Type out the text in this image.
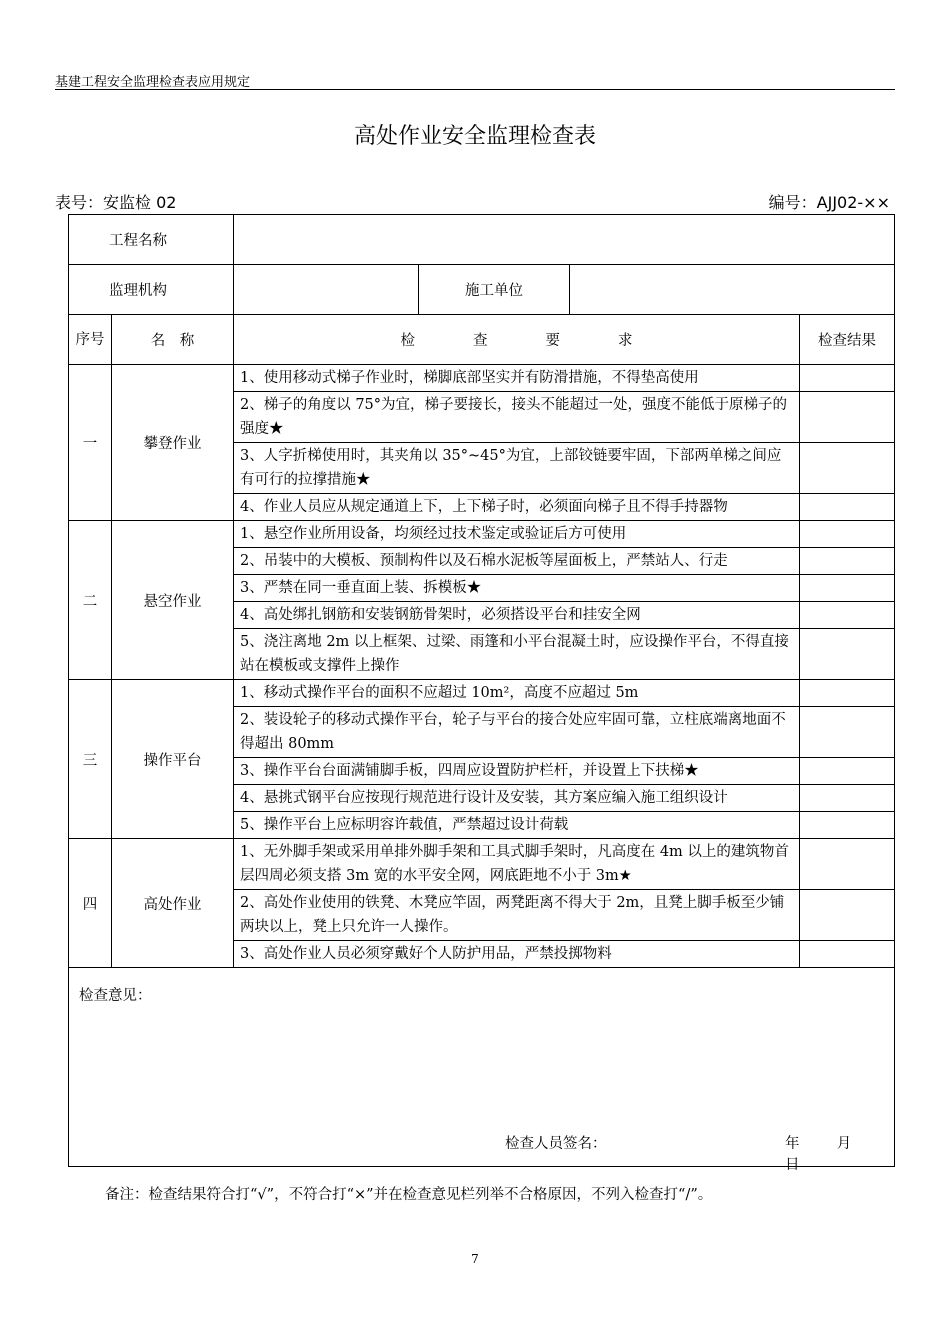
基建工程安全监理检查表应用规定
高处作业安全监理检查表
表号：安监检 02	编号：AJJ02-××
工程名称					
监理机构			施工单位		
序号	名　称	检　　　　查　　　　要　　　　求			检查结果
一	攀登作业	1、使用移动式梯子作业时，梯脚底部坚实并有防滑措施，不得垫高使用			
		2、梯子的角度以 75°为宜，梯子要接长，接头不能超过一处，强度不能低于原梯子的强度★			
		3、人字折梯使用时，其夹角以 35°~45°为宜，上部铰链要牢固，下部两单梯之间应有可行的拉撑措施★			
		4、作业人员应从规定通道上下，上下梯子时，必须面向梯子且不得手持器物			
二	悬空作业	1、悬空作业所用设备，均须经过技术鉴定或验证后方可使用			
		2、吊装中的大模板、预制构件以及石棉水泥板等屋面板上，严禁站人、行走			
		3、严禁在同一垂直面上装、拆模板★			
		4、高处绑扎钢筋和安装钢筋骨架时，必须搭设平台和挂安全网			
		5、浇注离地 2m 以上框架、过梁、雨篷和小平台混凝土时，应设操作平台，不得直接站在模板或支撑件上操作			
三	操作平台	1、移动式操作平台的面积不应超过 10m²，高度不应超过 5m			
		2、装设轮子的移动式操作平台，轮子与平台的接合处应牢固可靠，立柱底端离地面不得超出 80mm			
		3、操作平台台面满铺脚手板，四周应设置防护栏杆，并设置上下扶梯★			
		4、悬挑式钢平台应按现行规范进行设计及安装，其方案应编入施工组织设计			
		5、操作平台上应标明容许载值，严禁超过设计荷载			
四	高处作业	1、无外脚手架或采用单排外脚手架和工具式脚手架时，凡高度在 4m 以上的建筑物首层四周必须支搭 3m 宽的水平安全网，网底距地不小于 3m★			
		2、高处作业使用的铁凳、木凳应竿固，两凳距离不得大于 2m，且凳上脚手板至少铺两块以上，凳上只允许一人操作。			
		3、高处作业人员必须穿戴好个人防护用品，严禁投掷物料			

检查意见：
检查人员签名： 年 月  日					
备注：检查结果符合打“√”，不符合打“×”并在检查意见栏列举不合格原因，不列入检查打“/”。
7
